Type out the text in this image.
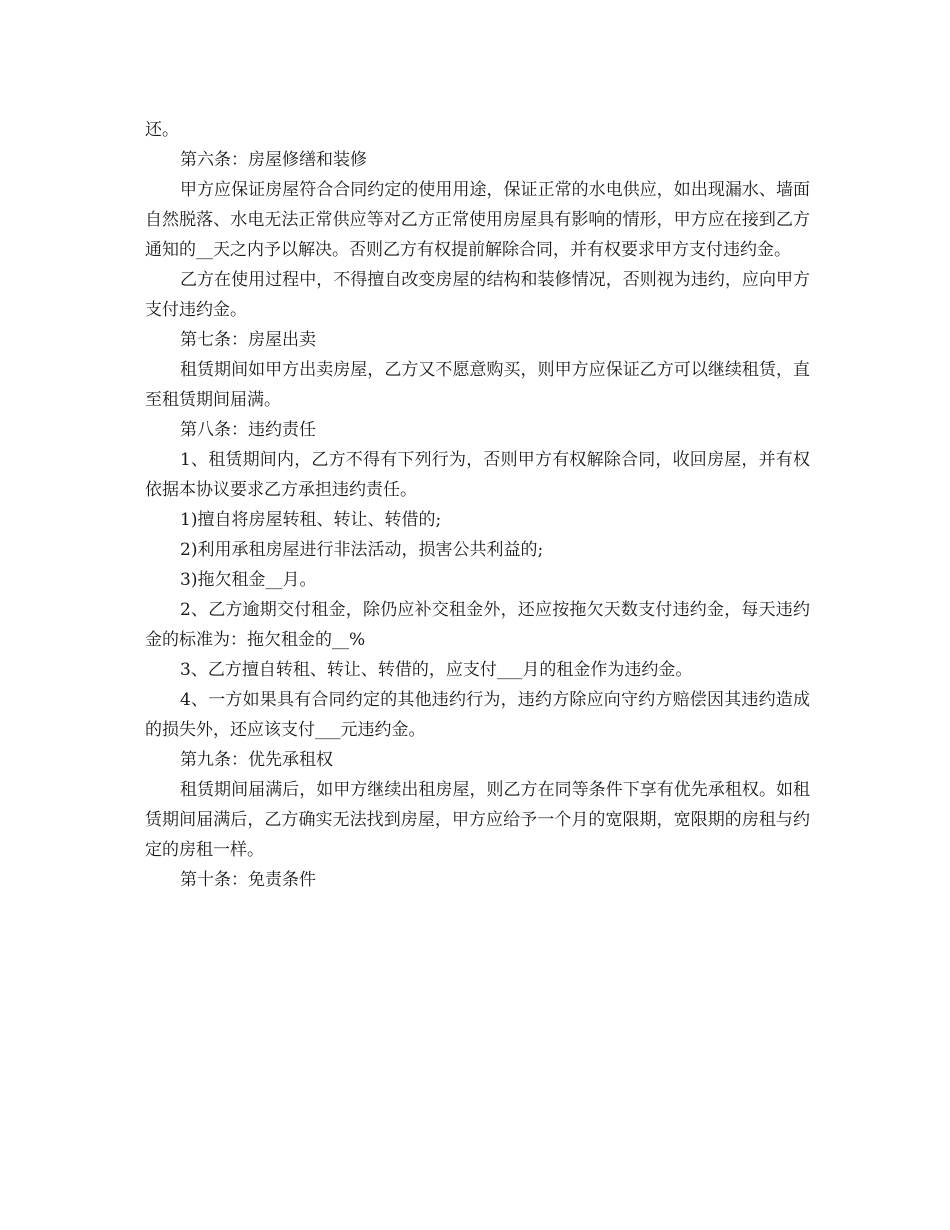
还。

第六条：房屋修缮和装修

甲方应保证房屋符合合同约定的使用用途，保证正常的水电供应，如出现漏水、墙面自然脱落、水电无法正常供应等对乙方正常使用房屋具有影响的情形，甲方应在接到乙方通知的__天之内予以解决。否则乙方有权提前解除合同，并有权要求甲方支付违约金。

乙方在使用过程中，不得擅自改变房屋的结构和装修情况，否则视为违约，应向甲方支付违约金。

第七条：房屋出卖

租赁期间如甲方出卖房屋，乙方又不愿意购买，则甲方应保证乙方可以继续租赁，直至租赁期间届满。

第八条：违约责任

1、租赁期间内，乙方不得有下列行为，否则甲方有权解除合同，收回房屋，并有权依据本协议要求乙方承担违约责任。

1)擅自将房屋转租、转让、转借的;

2)利用承租房屋进行非法活动，损害公共利益的;

3)拖欠租金__月。

2、乙方逾期交付租金，除仍应补交租金外，还应按拖欠天数支付违约金，每天违约金的标准为：拖欠租金的__%

3、乙方擅自转租、转让、转借的，应支付___月的租金作为违约金。

4、一方如果具有合同约定的其他违约行为，违约方除应向守约方赔偿因其违约造成的损失外，还应该支付___元违约金。

第九条：优先承租权

租赁期间届满后，如甲方继续出租房屋，则乙方在同等条件下享有优先承租权。如租赁期间届满后，乙方确实无法找到房屋，甲方应给予一个月的宽限期，宽限期的房租与约定的房租一样。

第十条：免责条件
